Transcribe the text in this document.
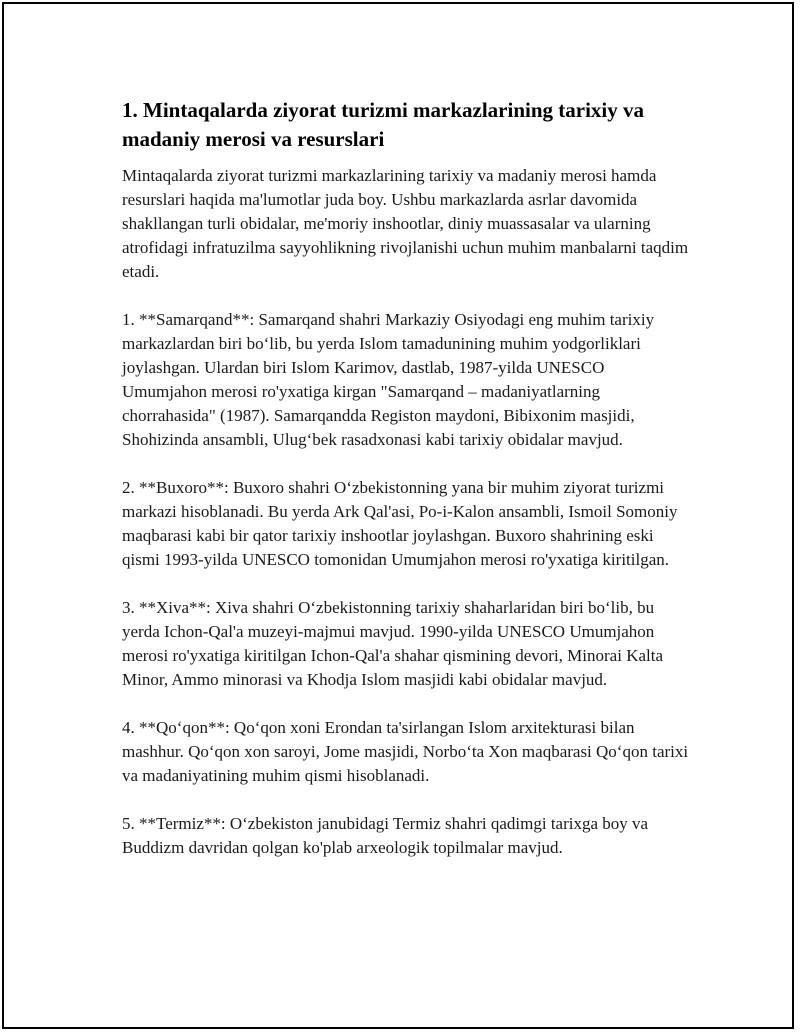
1. Mintaqalarda ziyorat turizmi markazlarining tarixiy va madaniy merosi va resurslari

Mintaqalarda ziyorat turizmi markazlarining tarixiy va madaniy merosi hamda resurslari haqida ma'lumotlar juda boy. Ushbu markazlarda asrlar davomida shakllangan turli obidalar, me'moriy inshootlar, diniy muassasalar va ularning atrofidagi infratuzilma sayyohlikning rivojlanishi uchun muhim manbalarni taqdim etadi.

1. **Samarqand**: Samarqand shahri Markaziy Osiyodagi eng muhim tarixiy markazlardan biri bo‘lib, bu yerda Islom tamadunining muhim yodgorliklari joylashgan. Ulardan biri Islom Karimov, dastlab, 1987-yilda UNESCO Umumjahon merosi ro'yxatiga kirgan "Samarqand – madaniyatlarning chorrahasida" (1987). Samarqandda Registon maydoni, Bibixonim masjidi, Shohizinda ansambli, Ulug‘bek rasadxonasi kabi tarixiy obidalar mavjud.

2. **Buxoro**: Buxoro shahri O‘zbekistonning yana bir muhim ziyorat turizmi markazi hisoblanadi. Bu yerda Ark Qal'asi, Po-i-Kalon ansambli, Ismoil Somoniy maqbarasi kabi bir qator tarixiy inshootlar joylashgan. Buxoro shahrining eski qismi 1993-yilda UNESCO tomonidan Umumjahon merosi ro'yxatiga kiritilgan.

3. **Xiva**: Xiva shahri O‘zbekistonning tarixiy shaharlaridan biri bo‘lib, bu yerda Ichon-Qal'a muzeyi-majmui mavjud. 1990-yilda UNESCO Umumjahon merosi ro'yxatiga kiritilgan Ichon-Qal'a shahar qismining devori, Minorai Kalta Minor, Ammo minorasi va Khodja Islom masjidi kabi obidalar mavjud.

4. **Qo‘qon**: Qo‘qon xoni Erondan ta'sirlangan Islom arxitekturasi bilan mashhur. Qo‘qon xon saroyi, Jome masjidi, Norbo‘ta Xon maqbarasi Qo‘qon tarixi va madaniyatining muhim qismi hisoblanadi.

5. **Termiz**: O‘zbekiston janubidagi Termiz shahri qadimgi tarixga boy va Buddizm davridan qolgan ko'plab arxeologik topilmalar mavjud.
